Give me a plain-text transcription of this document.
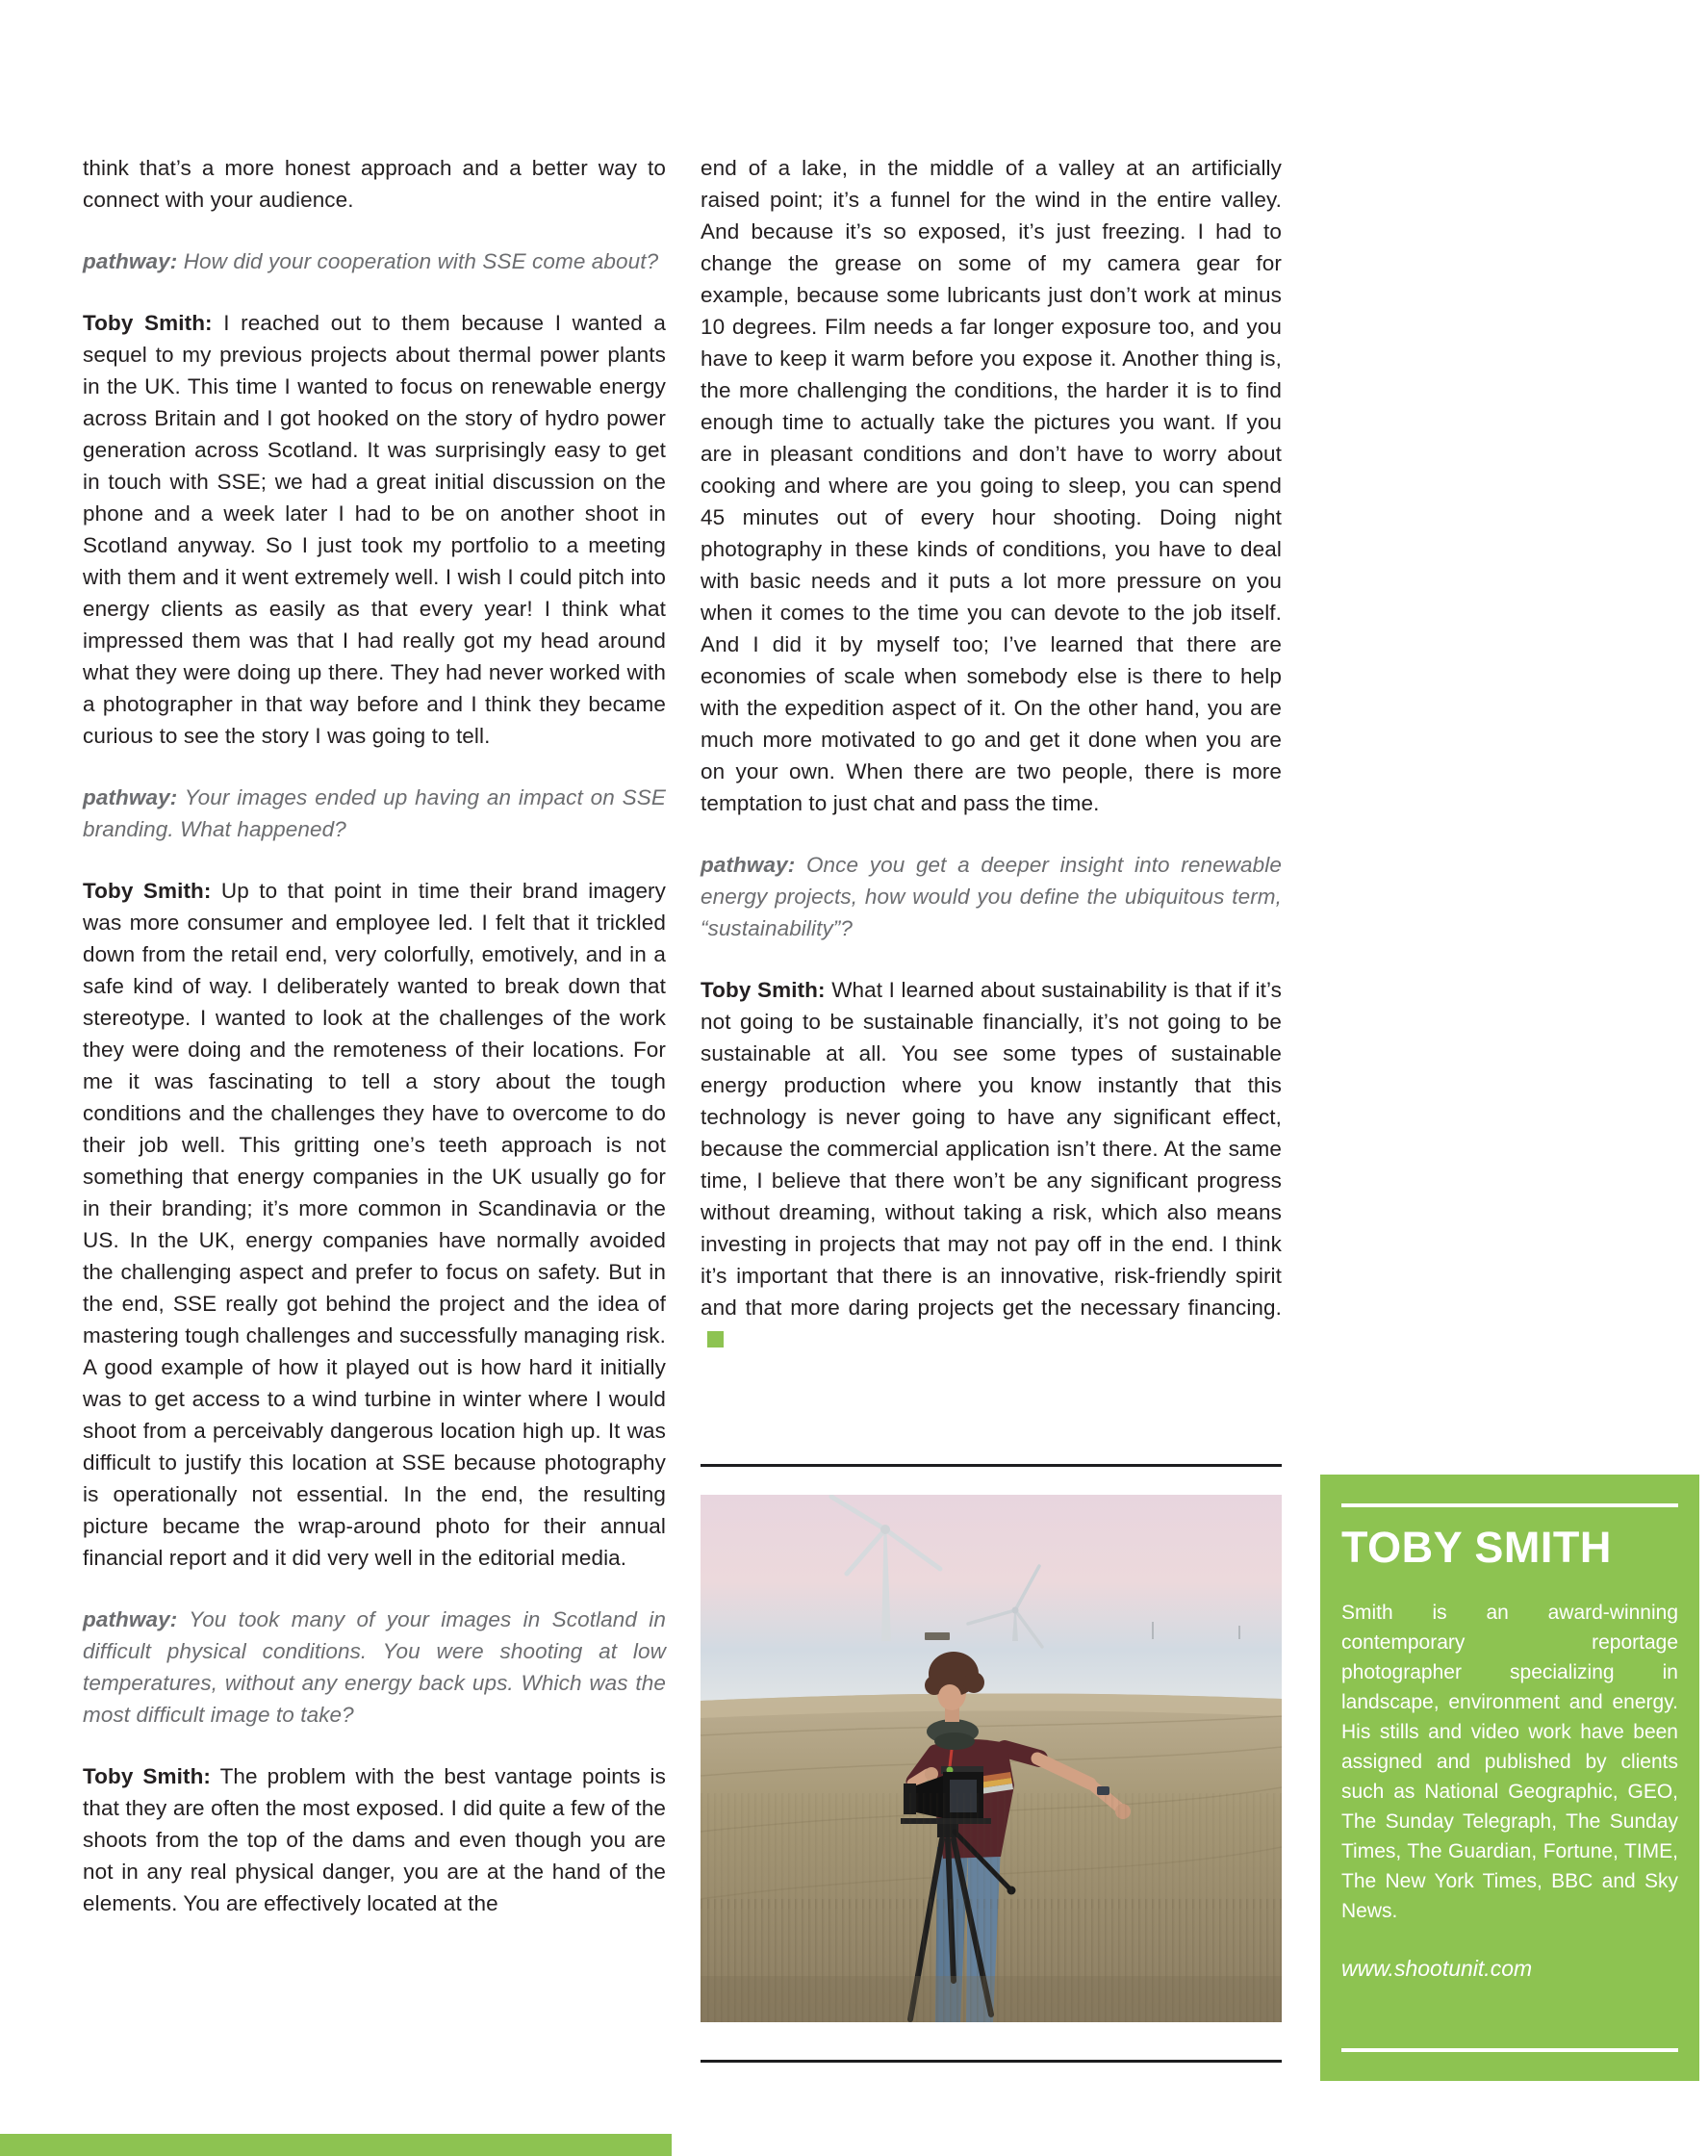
think that’s a more honest approach and a better way to connect with your audience.

pathway: How did your cooperation with SSE come about?

Toby Smith: I reached out to them because I wanted a sequel to my previous projects about thermal power plants in the UK. This time I wanted to focus on renewable energy across Britain and I got hooked on the story of hydro power generation across Scotland. It was surprisingly easy to get in touch with SSE; we had a great initial discussion on the phone and a week later I had to be on another shoot in Scotland anyway. So I just took my portfolio to a meeting with them and it went extremely well. I wish I could pitch into energy clients as easily as that every year! I think what impressed them was that I had really got my head around what they were doing up there. They had never worked with a photographer in that way before and I think they became curious to see the story I was going to tell.

pathway: Your images ended up having an impact on SSE branding. What happened?

Toby Smith: Up to that point in time their brand imagery was more consumer and employee led. I felt that it trickled down from the retail end, very colorfully, emotively, and in a safe kind of way. I deliberately wanted to break down that stereotype. I wanted to look at the challenges of the work they were doing and the remoteness of their locations. For me it was fascinating to tell a story about the tough conditions and the challenges they have to overcome to do their job well. This gritting one’s teeth approach is not something that energy companies in the UK usually go for in their branding; it’s more common in Scandinavia or the US. In the UK, energy companies have normally avoided the challenging aspect and prefer to focus on safety. But in the end, SSE really got behind the project and the idea of mastering tough challenges and successfully managing risk. A good example of how it played out is how hard it initially was to get access to a wind turbine in winter where I would shoot from a perceivably dangerous location high up. It was difficult to justify this location at SSE because photography is operationally not essential. In the end, the resulting picture became the wrap-around photo for their annual financial report and it did very well in the editorial media.

pathway: You took many of your images in Scotland in difficult physical conditions. You were shooting at low temperatures, without any energy back ups. Which was the most difficult image to take?

Toby Smith: The problem with the best vantage points is that they are often the most exposed. I did quite a few of the shoots from the top of the dams and even though you are not in any real physical danger, you are at the hand of the elements. You are effectively located at the

end of a lake, in the middle of a valley at an artificially raised point; it’s a funnel for the wind in the entire valley. And because it’s so exposed, it’s just freezing. I had to change the grease on some of my camera gear for example, because some lubricants just don’t work at minus 10 degrees. Film needs a far longer exposure too, and you have to keep it warm before you expose it. Another thing is, the more challenging the conditions, the harder it is to find enough time to actually take the pictures you want. If you are in pleasant conditions and don’t have to worry about cooking and where are you going to sleep, you can spend 45 minutes out of every hour shooting. Doing night photography in these kinds of conditions, you have to deal with basic needs and it puts a lot more pressure on you when it comes to the time you can devote to the job itself. And I did it by myself too; I’ve learned that there are economies of scale when somebody else is there to help with the expedition aspect of it. On the other hand, you are much more motivated to go and get it done when you are on your own. When there are two people, there is more temptation to just chat and pass the time.

pathway: Once you get a deeper insight into renewable energy projects, how would you define the ubiquitous term, “sustainability”?

Toby Smith: What I learned about sustainability is that if it’s not going to be sustainable financially, it’s not going to be sustainable at all. You see some types of sustainable energy production where you know instantly that this technology is never going to have any significant effect, because the commercial application isn’t there. At the same time, I believe that there won’t be any significant progress without dreaming, without taking a risk, which also means investing in projects that may not pay off in the end. I think it’s important that there is an innovative, risk-friendly spirit and that more daring projects get the necessary financing.

TOBY SMITH

Smith is an award-winning contemporary reportage photographer specializing in landscape, environment and energy. His stills and video work have been assigned and published by clients such as National Geographic, GEO, The Sunday Telegraph, The Sunday Times, The Guardian, Fortune, TIME, The New York Times, BBC and Sky News.

www.shootunit.com
